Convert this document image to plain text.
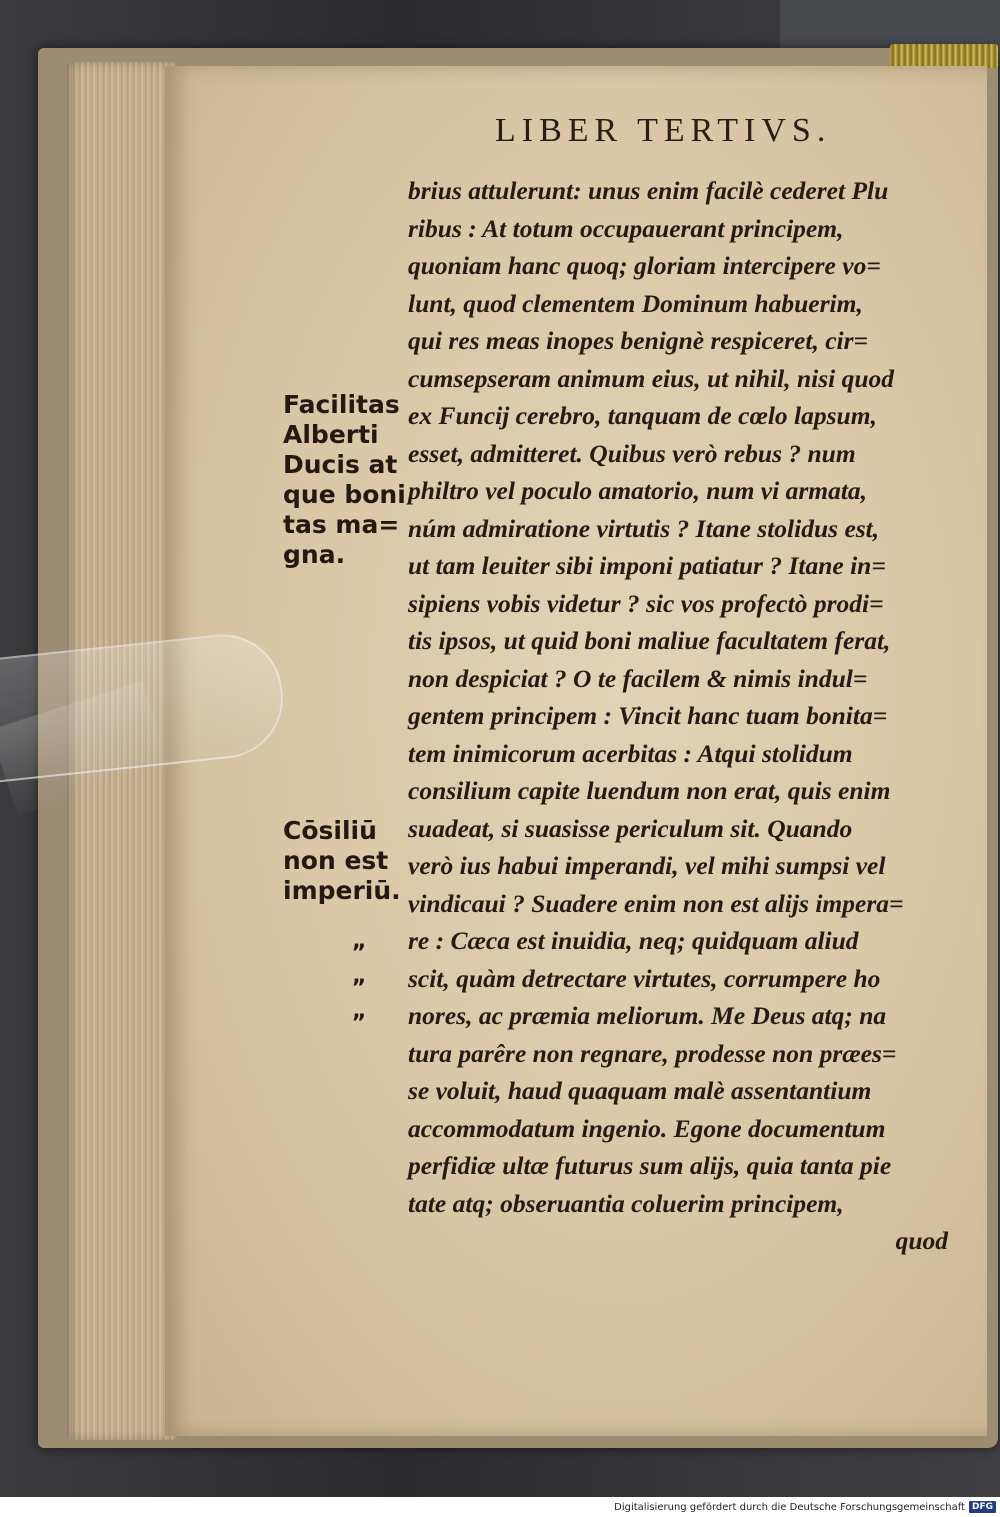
LIBER TERTIVS.
brius attulerunt: unus enim facilè cederet Plu
ribus : At totum occupauerant principem,
quoniam hanc quoq; gloriam intercipere vo=
lunt, quod clementem Dominum habuerim,
qui res meas inopes benignè respiceret, cir=
cumsepseram animum eius, ut nihil, nisi quod
ex Funcij cerebro, tanquam de cœlo lapsum,
esset, admitteret. Quibus verò rebus ? num
philtro vel poculo amatorio, num vi armata,
núm admiratione virtutis ? Itane stolidus est,
ut tam leuiter sibi imponi patiatur ? Itane in=
sipiens vobis videtur ? sic vos profectò prodi=
tis ipsos, ut quid boni maliue facultatem ferat,
non despiciat ? O te facilem & nimis indul=
gentem principem : Vincit hanc tuam bonita=
tem inimicorum acerbitas : Atqui stolidum
consilium capite luendum non erat, quis enim
suadeat, si suasisse periculum sit. Quando
verò ius habui imperandi, vel mihi sumpsi vel
vindicaui ? Suadere enim non est alijs impera=
re : Cæca est inuidia, neq; quidquam aliud
scit, quàm detrectare virtutes, corrumpere ho
nores, ac præmia meliorum. Me Deus atq; na
tura parêre non regnare, prodesse non præes=
se voluit, haud quaquam malè assentantium
accommodatum ingenio. Egone documentum
perfidiæ ultæ futurus sum alijs, quia tanta pie
tate atq; obseruantia coluerim principem,
quod
Facilitas
Alberti
Ducis at
que boni
tas ma=
gna.
Cōsiliū
non est
imperiū.
„
„
„
Digitalisierung gefördert durch die Deutsche Forschungsgemeinschaft DFG
